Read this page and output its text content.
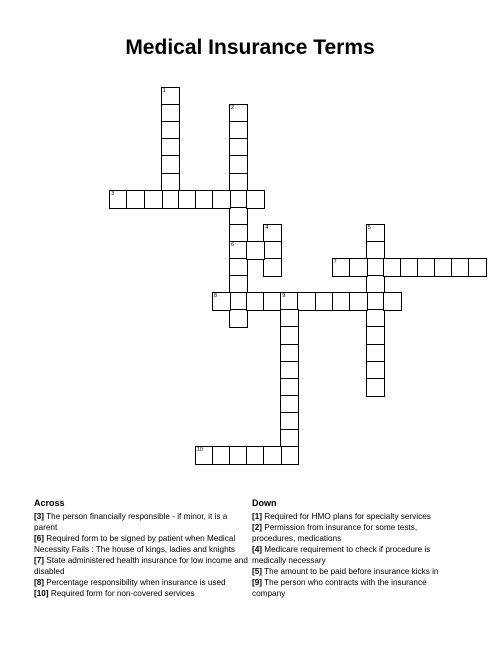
Medical Insurance Terms
1
2
6
3
4	5
7
8	9
10
Across
[3] The person financially responsible - if minor, it is a parent
[6] Required form to be signed by patient when Medical Necessity Fails : The house of kings, ladies and knights
[7] State administered health insurance for low income and disabled
[8] Percentage responsibility when insurance is used
[10] Required form for non-covered services
Down
[1] Required for HMO plans for specialty services
[2] Permission from insurance for some tests, procedures, medications
[4] Medicare requirement to check if procedure is medically necessary
[5] The amount to be paid before insurance kicks in
[9] The person who contracts with the insurance company
